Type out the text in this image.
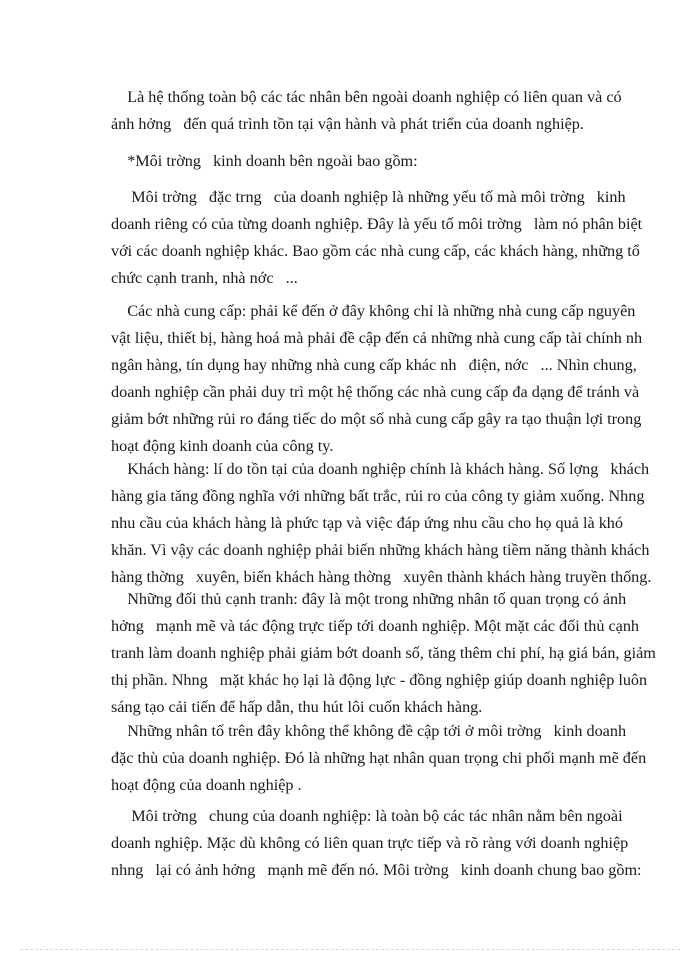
Là hệ thống toàn bộ các tác nhân bên ngoài doanh nghiệp có liên quan và có

ảnh hởng   đến quá trình tồn tại vận hành và phát triển của doanh nghiệp.

*Môi trờng   kinh doanh bên ngoài bao gồm:

Môi trờng   đặc trng   của doanh nghiệp là những yếu tố mà môi trờng   kinh

doanh riêng có của từng doanh nghiệp. Đây là yếu tố môi trờng   làm nó phân biệt

với các doanh nghiệp khác. Bao gồm các nhà cung cấp, các khách hàng, những tổ

chức cạnh tranh, nhà nớc   ...

Các nhà cung cấp: phải kể đến ở đây không chỉ là những nhà cung cấp nguyên

vật liệu, thiết bị, hàng hoá mà phải đề cập đến cả những nhà cung cấp tài chính nh

ngân hàng, tín dụng hay những nhà cung cấp khác nh   điện, nớc   ... Nhìn chung,

doanh nghiệp cần phải duy trì một hệ thống các nhà cung cấp đa dạng để tránh và

giảm bớt những rủi ro đáng tiếc do một số nhà cung cấp gây ra tạo thuận lợi trong

hoạt động kinh doanh của công ty.

Khách hàng: lí do tồn tại của doanh nghiệp chính là khách hàng. Số lợng   khách

hàng gia tăng đồng nghĩa với những bất trắc, rủi ro của công ty giảm xuống. Nhng

nhu cầu của khách hàng là phức tạp và việc đáp ứng nhu cầu cho họ quả là khó

khăn. Vì vậy các doanh nghiệp phải biến những khách hàng tiềm năng thành khách

hàng thờng   xuyên, biến khách hàng thờng   xuyên thành khách hàng truyền thống.

Những đối thủ cạnh tranh: đây là một trong những nhân tố quan trọng có ảnh

hởng   mạnh mẽ và tác động trực tiếp tới doanh nghiệp. Một mặt các đối thủ cạnh

tranh làm doanh nghiệp phải giảm bớt doanh số, tăng thêm chi phí, hạ giá bán, giảm

thị phần. Nhng   mặt khác họ lại là động lực - đồng nghiệp giúp doanh nghiệp luôn

sáng tạo cải tiến để hấp dẫn, thu hút lôi cuốn khách hàng.

Những nhân tố trên đây không thể không đề cập tới ở môi trờng   kinh doanh

đặc thù của doanh nghiệp. Đó là những hạt nhân quan trọng chi phối mạnh mẽ đến

hoạt động của doanh nghiệp .

Môi trờng   chung của doanh nghiệp: là toàn bộ các tác nhân nằm bên ngoài

doanh nghiệp. Mặc dù không có liên quan trực tiếp và rõ ràng với doanh nghiệp

nhng   lại có ảnh hởng   mạnh mẽ đến nó. Môi trờng   kinh doanh chung bao gồm:
